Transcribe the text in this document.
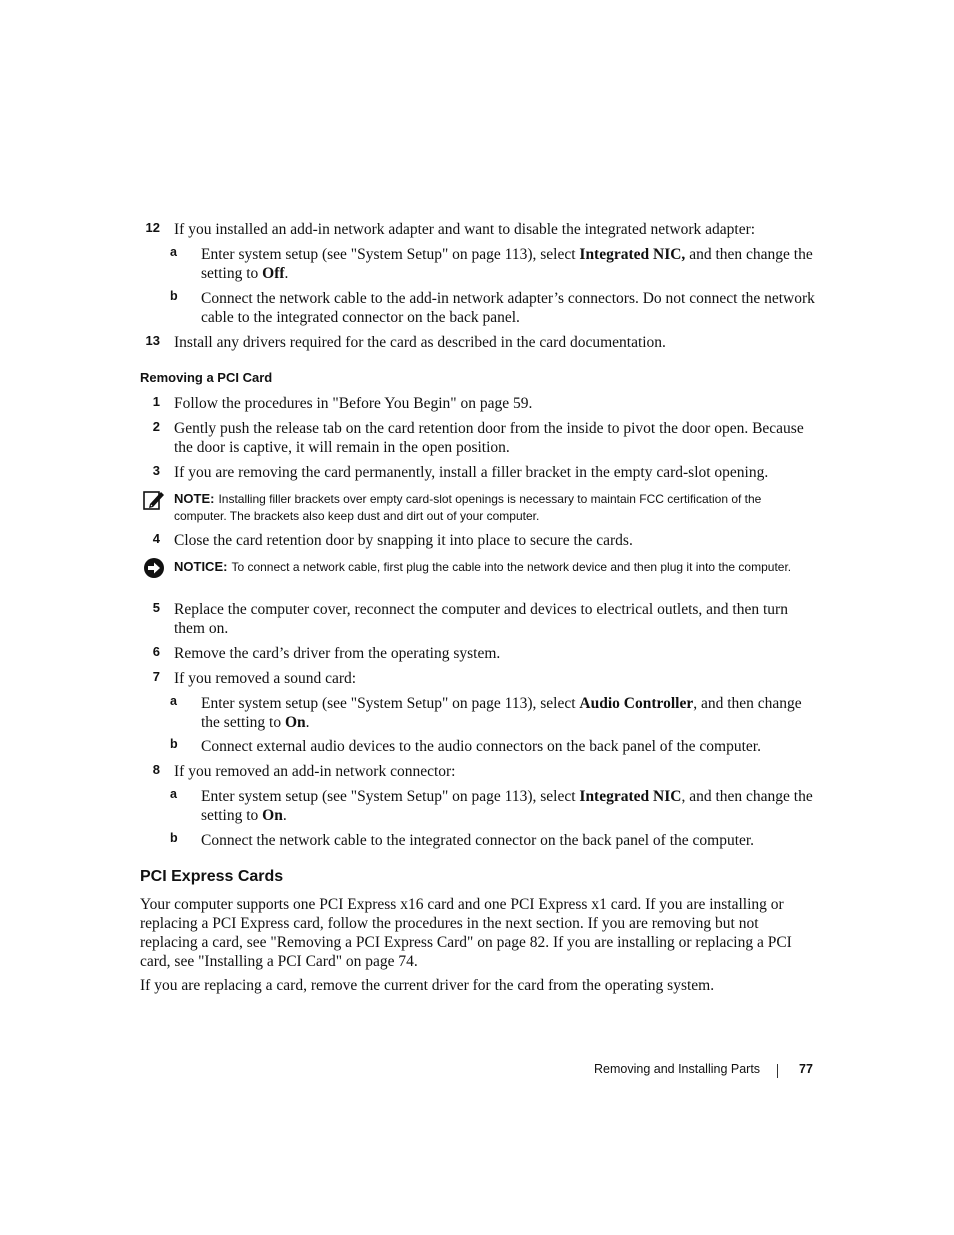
12 If you installed an add-in network adapter and want to disable the integrated network adapter:
a	Enter system setup (see "System Setup" on page 113), select Integrated NIC, and then change the setting to Off.
b Connect the network cable to the add-in network adapter’s connectors. Do not connect the network cable to the integrated connector on the back panel.
13 Install any drivers required for the card as described in the card documentation.
Removing a PCI Card
1 Follow the procedures in "Before You Begin" on page 59.
2 Gently push the release tab on the card retention door from the inside to pivot the door open. Because the door is captive, it will remain in the open position.
3 If you are removing the card permanently, install a filler bracket in the empty card-slot opening.
NOTE: Installing filler brackets over empty card-slot openings is necessary to maintain FCC certification of the computer. The brackets also keep dust and dirt out of your computer.
4 Close the card retention door by snapping it into place to secure the cards.
NOTICE: To connect a network cable, first plug the cable into the network device and then plug it into the computer.
5 Replace the computer cover, reconnect the computer and devices to electrical outlets, and then turn them on.
6 Remove the card’s driver from the operating system.
7 If you removed a sound card:
a	Enter system setup (see "System Setup" on page 113), select Audio Controller, and then change the setting to On.
b Connect external audio devices to the audio connectors on the back panel of the computer.
8 If you removed an add-in network connector:
a	Enter system setup (see "System Setup" on page 113), select Integrated NIC, and then change the setting to On.
b Connect the network cable to the integrated connector on the back panel of the computer.
PCI Express Cards
Your computer supports one PCI Express x16 card and one PCI Express x1 card. If you are installing or replacing a PCI Express card, follow the procedures in the next section. If you are removing but not replacing a card, see "Removing a PCI Express Card" on page 82. If you are installing or replacing a PCI card, see "Installing a PCI Card" on page 74.
If you are replacing a card, remove the current driver for the card from the operating system.
Removing and Installing Parts	77
